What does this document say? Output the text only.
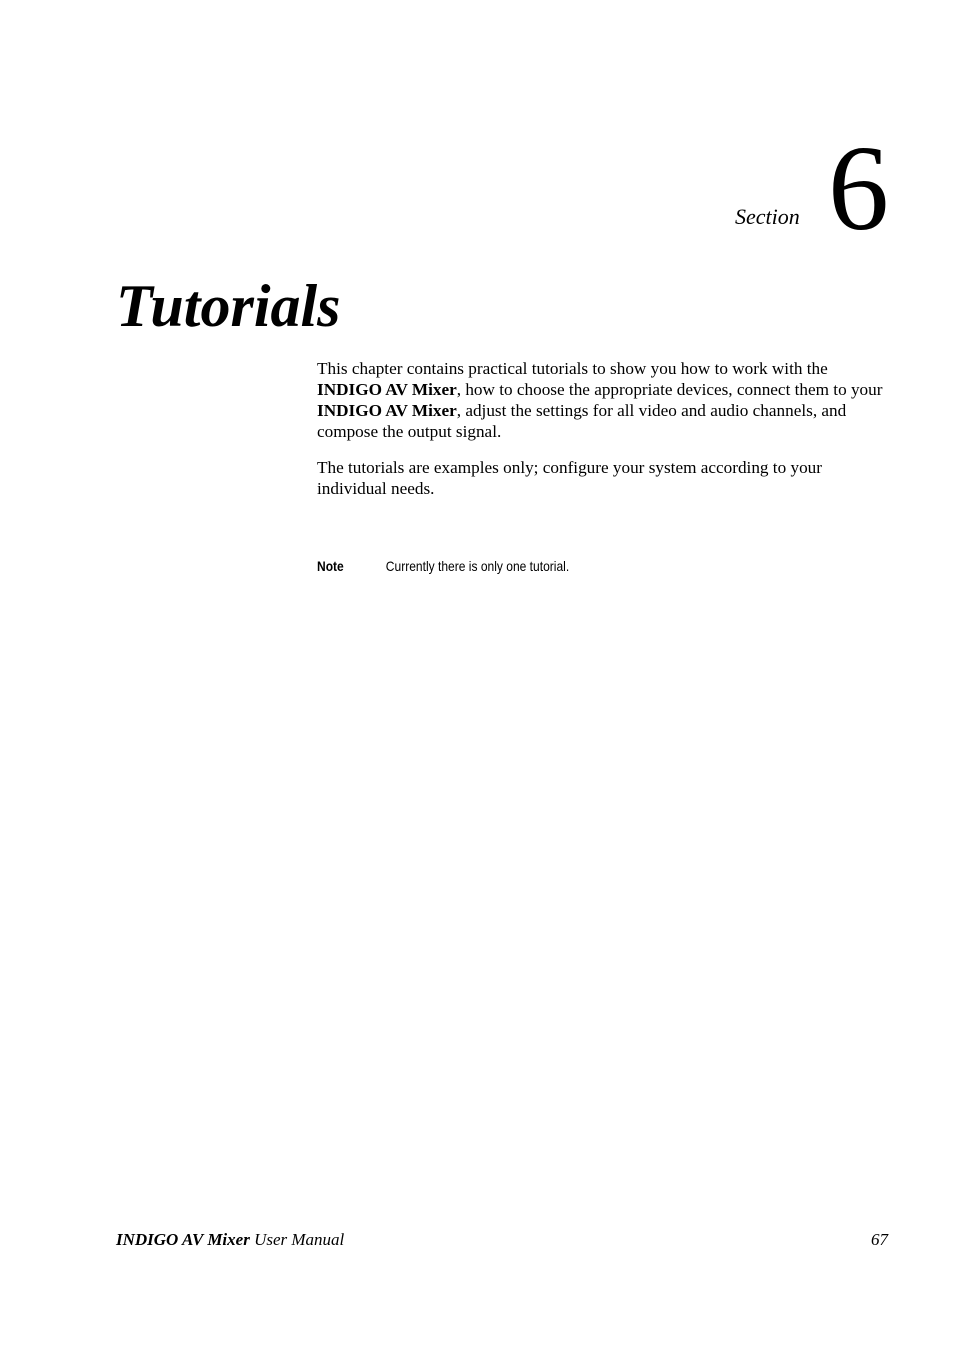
Section 6
Tutorials

This chapter contains practical tutorials to show you how to work with the INDIGO AV Mixer, how to choose the appropriate devices, connect them to your INDIGO AV Mixer, adjust the settings for all video and audio channels, and compose the output signal.

The tutorials are examples only; configure your system according to your individual needs.

Note	Currently there is only one tutorial.
INDIGO AV Mixer User Manual	67
